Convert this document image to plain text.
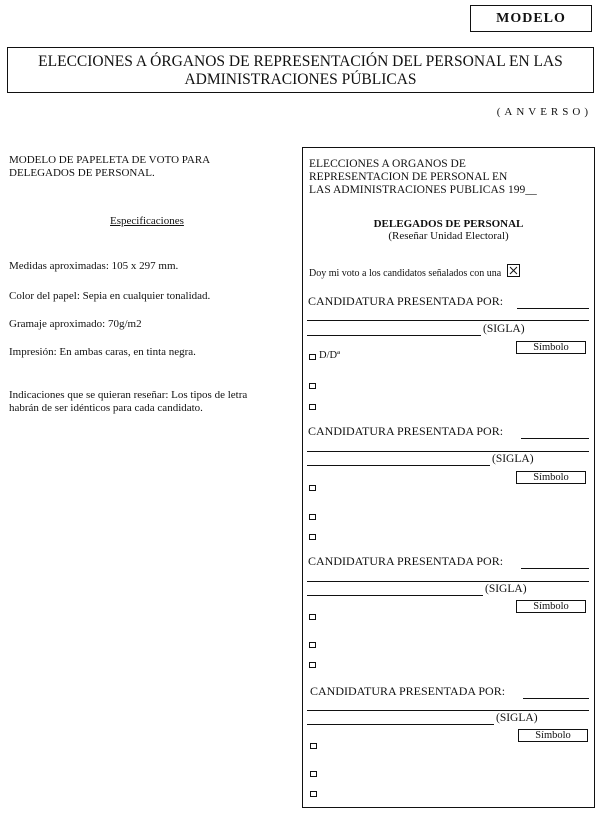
MODELO
ELECCIONES A ÓRGANOS DE REPRESENTACIÓN DEL PERSONAL EN LAS
ADMINISTRACIONES PÚBLICAS
(ANVERSO)
MODELO DE PAPELETA DE VOTO PARA
DELEGADOS DE PERSONAL.
Especificaciones
Medidas aproximadas: 105 x 297 mm.
Color del papel: Sepia en cualquier tonalidad.
Gramaje aproximado: 70g/m2
Impresión: En ambas caras, en tinta negra.
Indicaciones que se quieran reseñar: Los tipos de letra
habrán de ser idénticos para cada candidato.
ELECCIONES A ORGANOS DE
REPRESENTACION DE PERSONAL EN
LAS ADMINISTRACIONES PUBLICAS 199__
DELEGADOS DE PERSONAL
(Reseñar Unidad Electoral)
Doy mi voto a los candidatos señalados con una
CANDIDATURA PRESENTADA POR:
(SIGLA)
Símbolo
D/Dª
CANDIDATURA PRESENTADA POR:
(SIGLA)
Símbolo
CANDIDATURA PRESENTADA POR:
(SIGLA)
Símbolo
CANDIDATURA PRESENTADA POR:
(SIGLA)
Símbolo
